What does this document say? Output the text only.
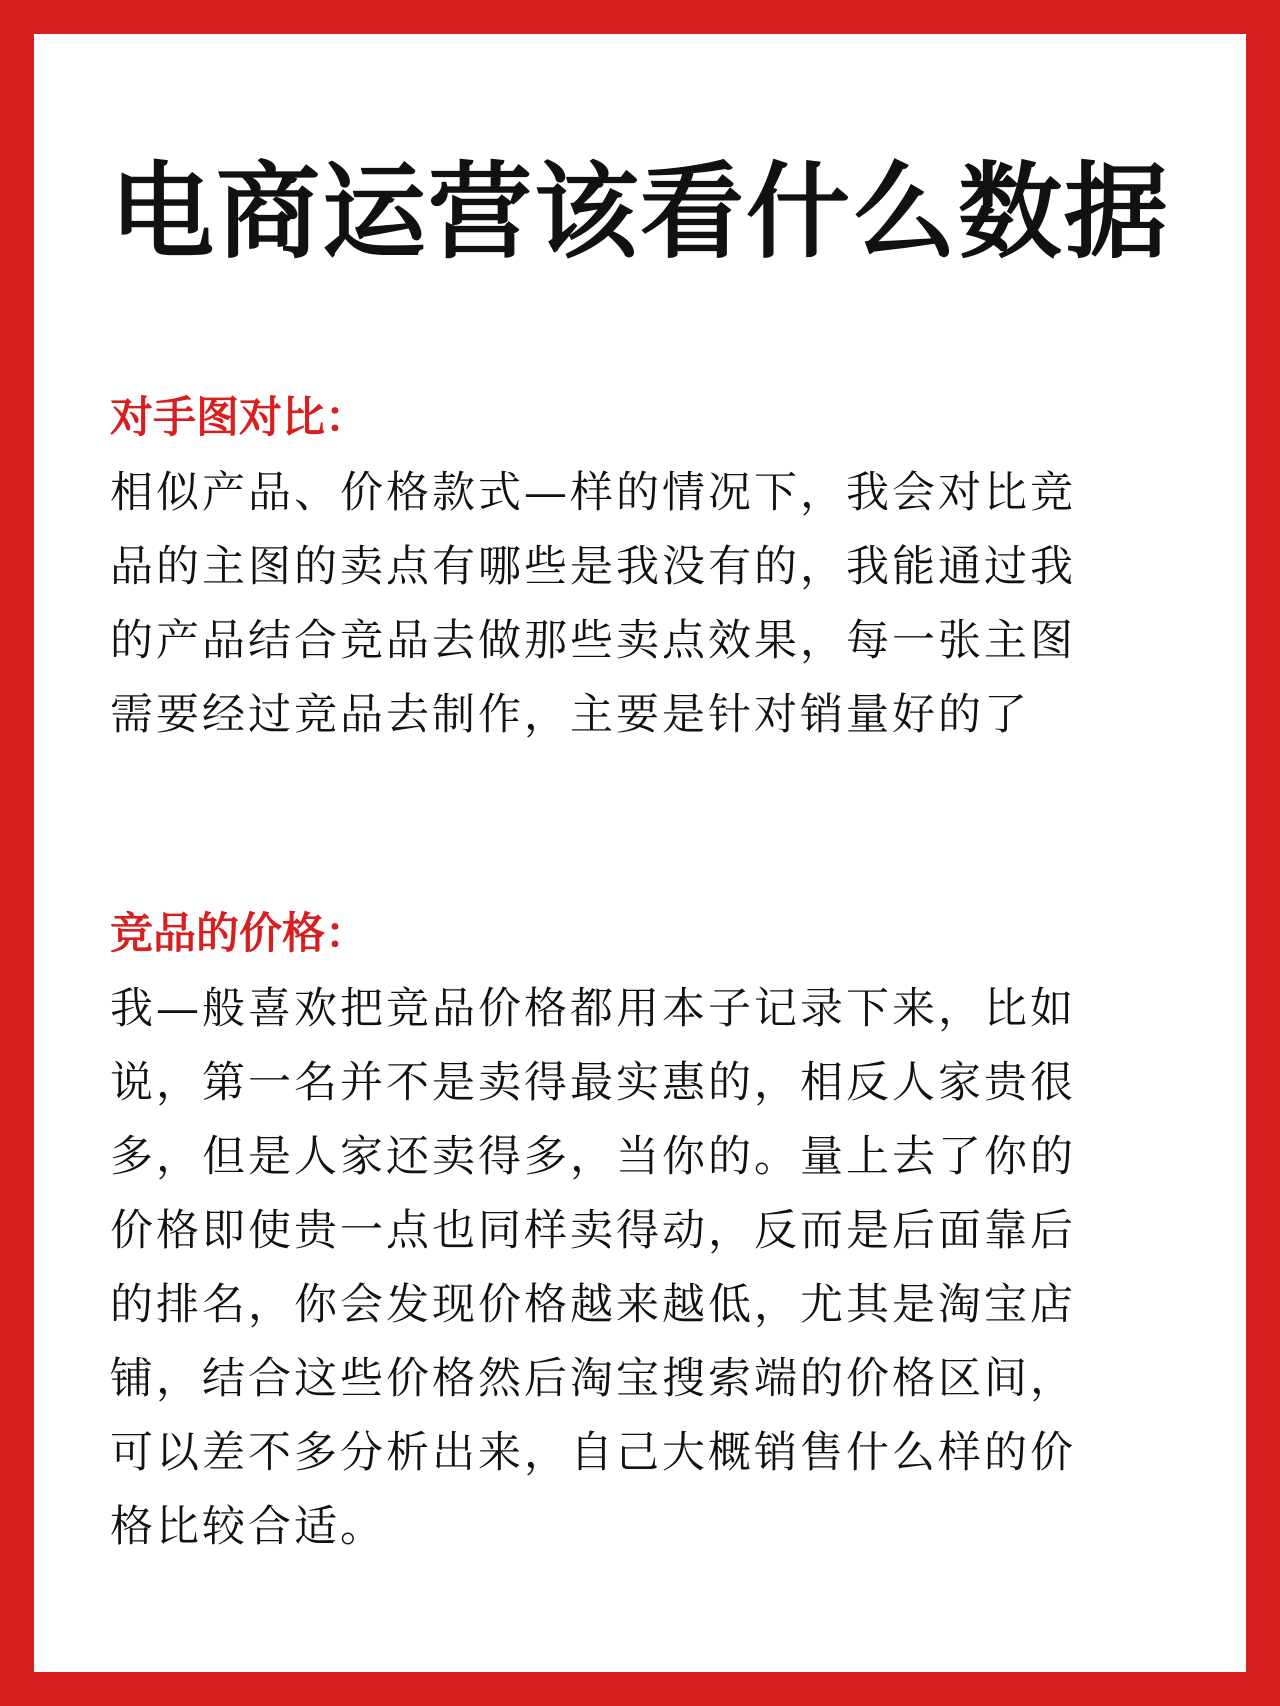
电商运营该看什么数据
对手图对比：

相似产品、价格款式—样的情况下，我会对比竞
品的主图的卖点有哪些是我没有的，我能通过我
的产品结合竞品去做那些卖点效果，每一张主图
需要经过竞品去制作，主要是针对销量好的了

竞品的价格：

我—般喜欢把竞品价格都用本子记录下来，比如
说，第一名并不是卖得最实惠的，相反人家贵很
多，但是人家还卖得多，当你的。量上去了你的
价格即使贵一点也同样卖得动，反而是后面靠后
的排名，你会发现价格越来越低，尤其是淘宝店
铺，结合这些价格然后淘宝搜索端的价格区间，
可以差不多分析出来，自己大概销售什么样的价
格比较合适。
